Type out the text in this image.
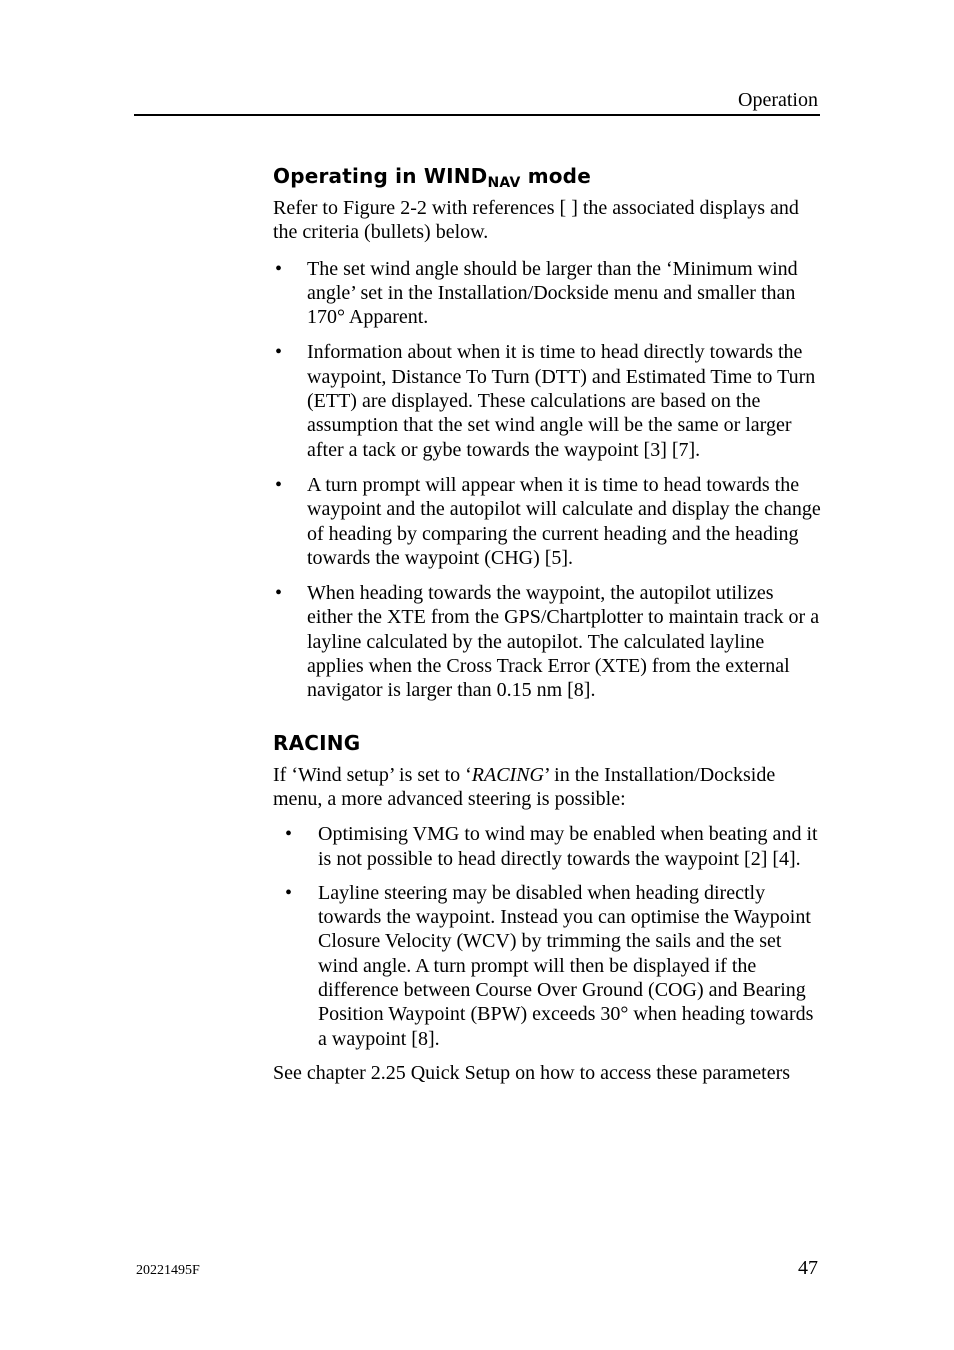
Operation
Operating in $WIND_{NAV}$ mode

Refer to Figure 2-2 with references [ ] the associated displays and the criteria (bullets) below.

• The set wind angle should be larger than the ‘Minimum wind angle’ set in the Installation/Dockside menu and smaller than 170° Apparent.
• Information about when it is time to head directly towards the waypoint, Distance To Turn (DTT) and Estimated Time to Turn (ETT) are displayed. These calculations are based on the assumption that the set wind angle will be the same or larger after a tack or gybe towards the waypoint [3] [7].
• A turn prompt will appear when it is time to head towards the waypoint and the autopilot will calculate and display the change of heading by comparing the current heading and the heading towards the waypoint (CHG) [5].
• When heading towards the waypoint, the autopilot utilizes either the XTE from the GPS/Chartplotter to maintain track or a layline calculated by the autopilot. The calculated layline applies when the Cross Track Error (XTE) from the external navigator is larger than 0.15 nm [8].
RACING

If ‘Wind setup’ is set to ‘RACING’ in the Installation/Dockside menu, a more advanced steering is possible:

• Optimising VMG to wind may be enabled when beating and it is not possible to head directly towards the waypoint [2] [4].
• Layline steering may be disabled when heading directly towards the waypoint. Instead you can optimise the Waypoint Closure Velocity (WCV) by trimming the sails and the set wind angle. A turn prompt will then be displayed if the difference between Course Over Ground (COG) and Bearing Position Waypoint (BPW) exceeds 30° when heading towards a waypoint [8].

See chapter 2.25 Quick Setup on how to access these parameters

20221495F	47
